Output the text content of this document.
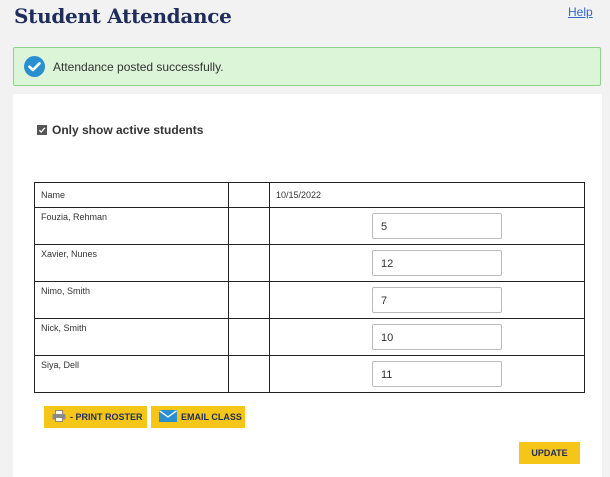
Student Attendance	Help
Attendance posted successfully.
Only show active students
Name		10/15/2022
Fouzia, Rehman		5

Xavier, Nunes		12

Nimo, Smith		7

Nick, Smith		10

Siya, Dell		11
- PRINT ROSTER	EMAIL CLASS
UPDATE
